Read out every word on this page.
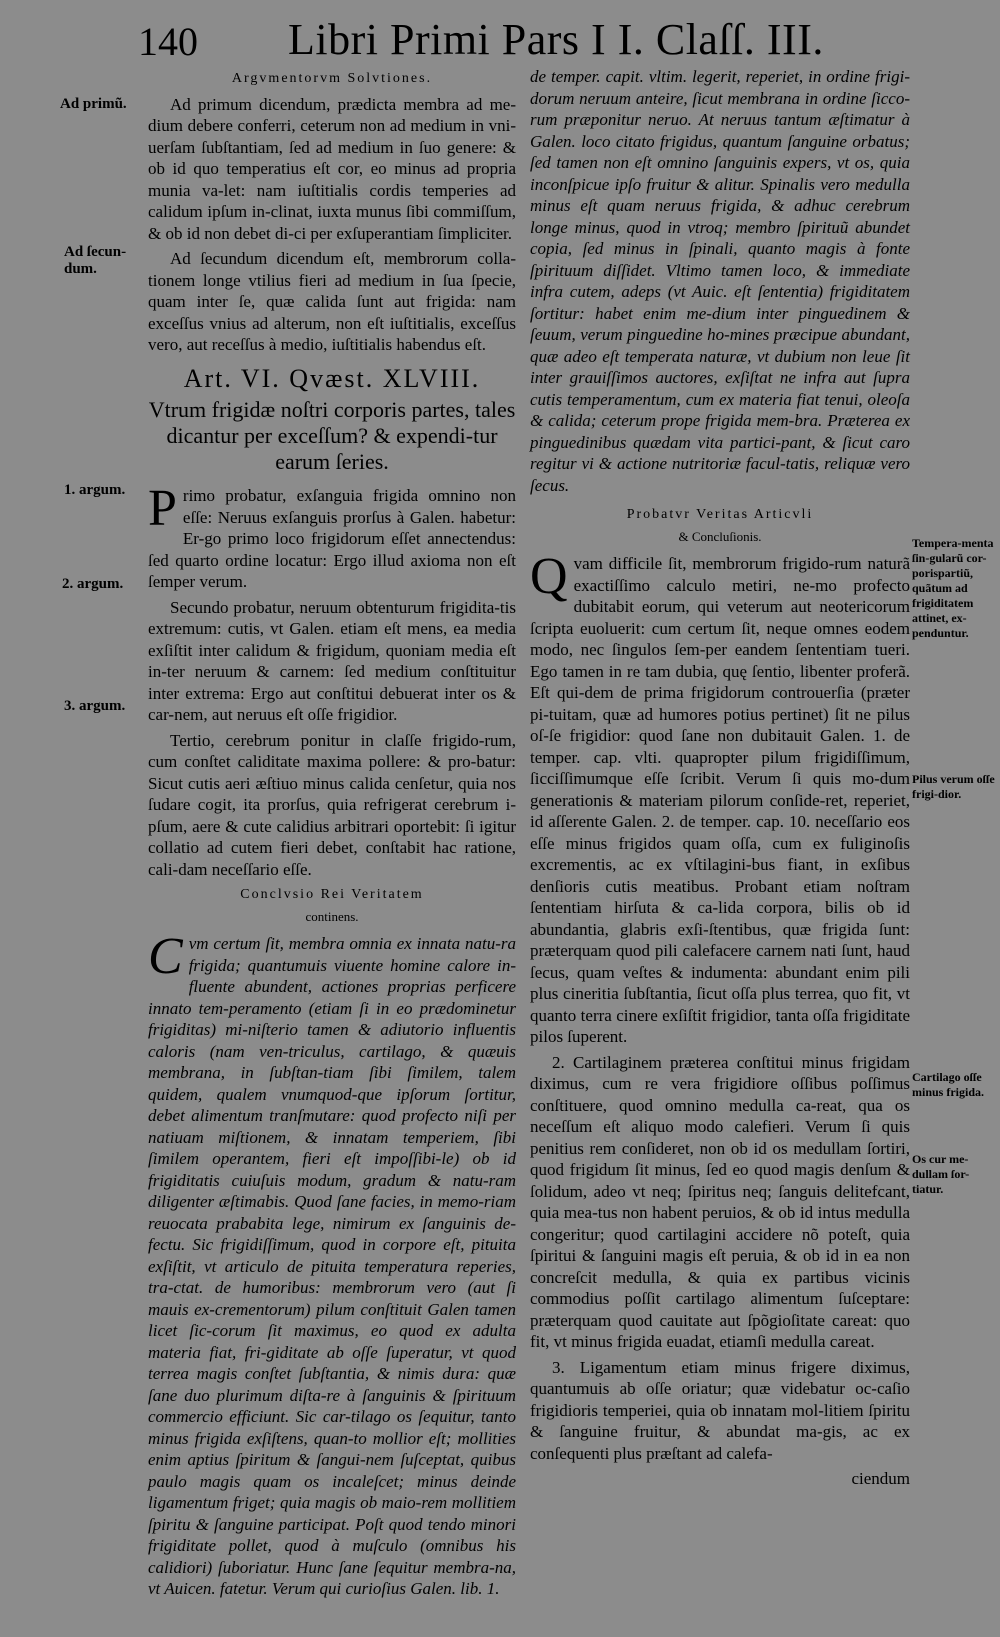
140 Libri Primi Pars I I. Claſſ. III.
Ad primũ.
Ad ſecun-dum.
1. argum.
2. argum.
3. argum.
Tempera-menta ſin-gularũ cor-porispartiũ, quãtum ad frigiditatem attinet, ex-penduntur.
Pilus verum oſſe frigi-dior.
Cartilago oſſe minus frigida.
Os cur me-dullam ſor-tiatur.
Argvmentorvm Solvtiones.

Ad primum dicendum, prædicta membra ad me-dium debere conferri, ceterum non ad medium in vni-uerſam ſubſtantiam, ſed ad medium in ſuo genere: & ob id quo temperatius eſt cor, eo minus ad propria munia va-let: nam iuſtitialis cordis temperies ad calidum ipſum in-clinat, iuxta munus ſibi commiſſum, & ob id non debet di-ci per exſuperantiam ſimpliciter.

Ad ſecundum dicendum eſt, membrorum colla-tionem longe vtilius fieri ad medium in ſua ſpecie, quam inter ſe, quæ calida ſunt aut frigida: nam exceſſus vnius ad alterum, non eſt iuſtitialis, exceſſus vero, aut receſſus à medio, iuſtitialis habendus eſt.

Art. VI. Qvæst. XLVIII.
Vtrum frigidæ noſtri corporis partes, tales dicantur per exceſſum? & expendi-tur earum ſeries.

Primo probatur, exſanguia frigida omnino non eſſe: Neruus exſanguis prorſus à Galen. habetur: Er-go primo loco frigidorum eſſet annectendus: ſed quarto ordine locatur: Ergo illud axioma non eſt ſemper verum.

Secundo probatur, neruum obtenturum frigidita-tis extremum: cutis, vt Galen. etiam eſt mens, ea media exſiſtit inter calidum & frigidum, quoniam media eſt in-ter neruum & carnem: ſed medium conſtituitur inter extrema: Ergo aut conſtitui debuerat inter os & car-nem, aut neruus eſt oſſe frigidior.

Tertio, cerebrum ponitur in claſſe frigido-rum, cum conſtet caliditate maxima pollere: & pro-batur: Sicut cutis aeri æſtiuo minus calida cenſetur, quia nos ſudare cogit, ita prorſus, quia refrigerat cerebrum i-pſum, aere & cute calidius arbitrari oportebit: ſi igitur collatio ad cutem fieri debet, conſtabit hac ratione, cali-dam neceſſario eſſe.

Conclvsio Rei Veritatem
continens.

Cvm certum ſit, membra omnia ex innata natu-ra frigida; quantumuis viuente homine calore in-fluente abundent, actiones proprias perficere innato tem-peramento (etiam ſi in eo prædominetur frigiditas) mi-niſterio tamen & adiutorio influentis caloris (nam ven-triculus, cartilago, & quæuis membrana, in ſubſtan-tiam ſibi ſimilem, talem quidem, qualem vnumquod-que ipſorum ſortitur, debet alimentum tranſmutare: quod profecto niſi per natiuam miſtionem, & innatam temperiem, ſibi ſimilem operantem, fieri eſt impoſſibi-le) ob id frigiditatis cuiuſuis modum, gradum & natu-ram diligenter æſtimabis. Quod ſane facies, in memo-riam reuocata prababita lege, nimirum ex ſanguinis de-fectu. Sic frigidiſſimum, quod in corpore eſt, pituita exſiſtit, vt articulo de pituita temperatura reperies, tra-ctat. de humoribus: membrorum vero (aut ſi mauis ex-crementorum) pilum conſtituit Galen tamen licet ſic-corum ſit maximus, eo quod ex adulta materia fiat, fri-giditate ab oſſe ſuperatur, vt quod terrea magis conſtet ſubſtantia, & nimis dura: quæ ſane duo plurimum diſta-re à ſanguinis & ſpirituum commercio efficiunt. Sic car-tilago os ſequitur, tanto minus frigida exſiſtens, quan-to mollior eſt; mollities enim aptius ſpiritum & ſangui-nem ſuſceptat, quibus paulo magis quam os incaleſcet; minus deinde ligamentum friget; quia magis ob maio-rem mollitiem ſpiritu & ſanguine participat. Poſt quod tendo minori frigiditate pollet, quod à muſculo (omnibus his calidiori) ſuboriatur. Hunc ſane ſequitur membra-na, vt Auicen. fatetur. Verum qui curioſius Galen. lib. 1.

de temper. capit. vltim. legerit, reperiet, in ordine frigi-dorum neruum anteire, ſicut membrana in ordine ſicco-rum præponitur neruo. At neruus tantum æſtimatur à Galen. loco citato frigidus, quantum ſanguine orbatus; ſed tamen non eſt omnino ſanguinis expers, vt os, quia inconſpicue ipſo fruitur & alitur. Spinalis vero medulla minus eſt quam neruus frigida, & adhuc cerebrum longe minus, quod in vtroq; membro ſpirituũ abundet copia, ſed minus in ſpinali, quanto magis à fonte ſpirituum diſſidet. Vltimo tamen loco, & immediate infra cutem, adeps (vt Auic. eſt ſententia) frigiditatem ſortitur: habet enim me-dium inter pinguedinem & ſeuum, verum pinguedine ho-mines præcipue abundant, quæ adeo eſt temperata naturæ, vt dubium non leue ſit inter grauiſſimos auctores, exſiſtat ne infra aut ſupra cutis temperamentum, cum ex materia fiat tenui, oleoſa & calida; ceterum prope frigida mem-bra. Præterea ex pinguedinibus quædam vita partici-pant, & ſicut caro regitur vi & actione nutritoriæ facul-tatis, reliquæ vero ſecus.

Probatvr Veritas Articvli
& Concluſionis.

Qvam difficile ſit, membrorum frigido-rum naturã exactiſſimo calculo metiri, ne-mo profecto dubitabit eorum, qui veterum aut neotericorum ſcripta euoluerit: cum certum ſit, neque omnes eodem modo, nec ſingulos ſem-per eandem ſententiam tueri. Ego tamen in re tam dubia, quę ſentio, libenter proferã. Eſt qui-dem de prima frigidorum controuerſia (præter pi-tuitam, quæ ad humores potius pertinet) ſit ne pilus oſ-ſe frigidior: quod ſane non dubitauit Galen. 1. de temper. cap. vlti. quapropter pilum frigidiſſimum, ſicciſſimumque eſſe ſcribit. Verum ſi quis mo-dum generationis & materiam pilorum conſide-ret, reperiet, id aſſerente Galen. 2. de temper. cap. 10. neceſſario eos eſſe minus frigidos quam oſſa, cum ex fuliginoſis excrementis, ac ex vſtilagini-bus fiant, in exſibus denſioris cutis meatibus. Probant etiam noſtram ſententiam hirſuta & ca-lida corpora, bilis ob id abundantia, glabris exſi-ſtentibus, quæ frigida ſunt: præterquam quod pili calefacere carnem nati ſunt, haud ſecus, quam veſtes & indumenta: abundant enim pili plus cineritia ſubſtantia, ſicut oſſa plus terrea, quo fit, vt quanto terra cinere exſiſtit frigidior, tanta oſſa frigiditate pilos ſuperent.

2. Cartilaginem præterea conſtitui minus frigidam diximus, cum re vera frigidiore oſſibus poſſimus conſtituere, quod omnino medulla ca-reat, qua os neceſſum eſt aliquo modo calefieri. Verum ſi quis penitius rem conſideret, non ob id os medullam ſortiri, quod frigidum ſit minus, ſed eo quod magis denſum & ſolidum, adeo vt neq; ſpiritus neq; ſanguis delitefcant, quia mea-tus non habent peruios, & ob id intus medulla congeritur; quod cartilagini accidere nõ poteſt, quia ſpiritui & ſanguini magis eſt peruia, & ob id in ea non concreſcit medulla, & quia ex partibus vicinis commodius poſſit cartilago alimentum ſuſceptare: præterquam quod cauitate aut ſpõgioſitate careat: quo fit, vt minus frigida euadat, etiamſi medulla careat.

3. Ligamentum etiam minus frigere diximus, quantumuis ab oſſe oriatur; quæ videbatur oc-caſio frigidioris temperiei, quia ob innatam mol-litiem ſpiritu & ſanguine fruitur, & abundat ma-gis, ac ex conſequenti plus præſtant ad calefa-

ciendum
